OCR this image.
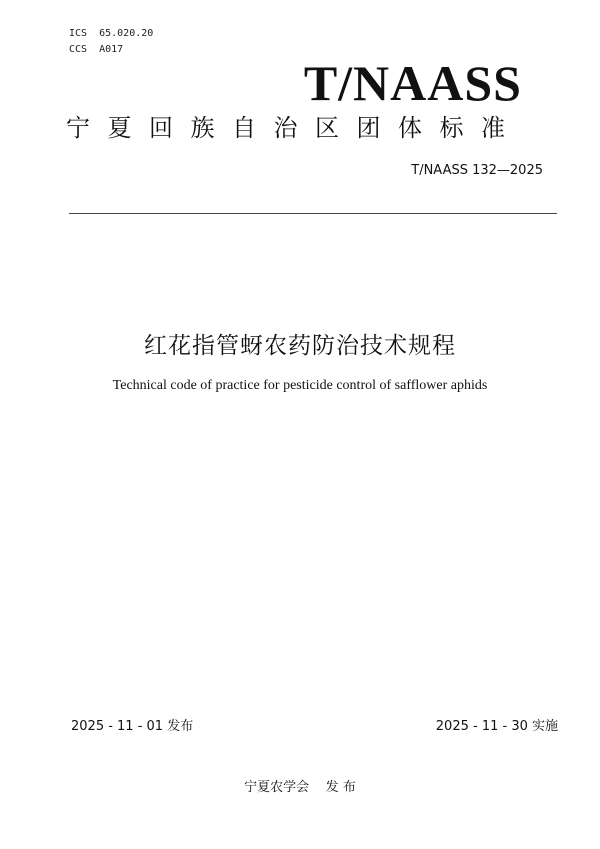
ICS  65.020.20
CCS  A017
T/NAASS
宁夏回族自治区团体标准
T/NAASS 132—2025
红花指管蚜农药防治技术规程
Technical code of practice for pesticide control of safflower aphids
2025 - 11 - 01 发布	2025 - 11 - 30 实施
宁夏农学会    发 布
